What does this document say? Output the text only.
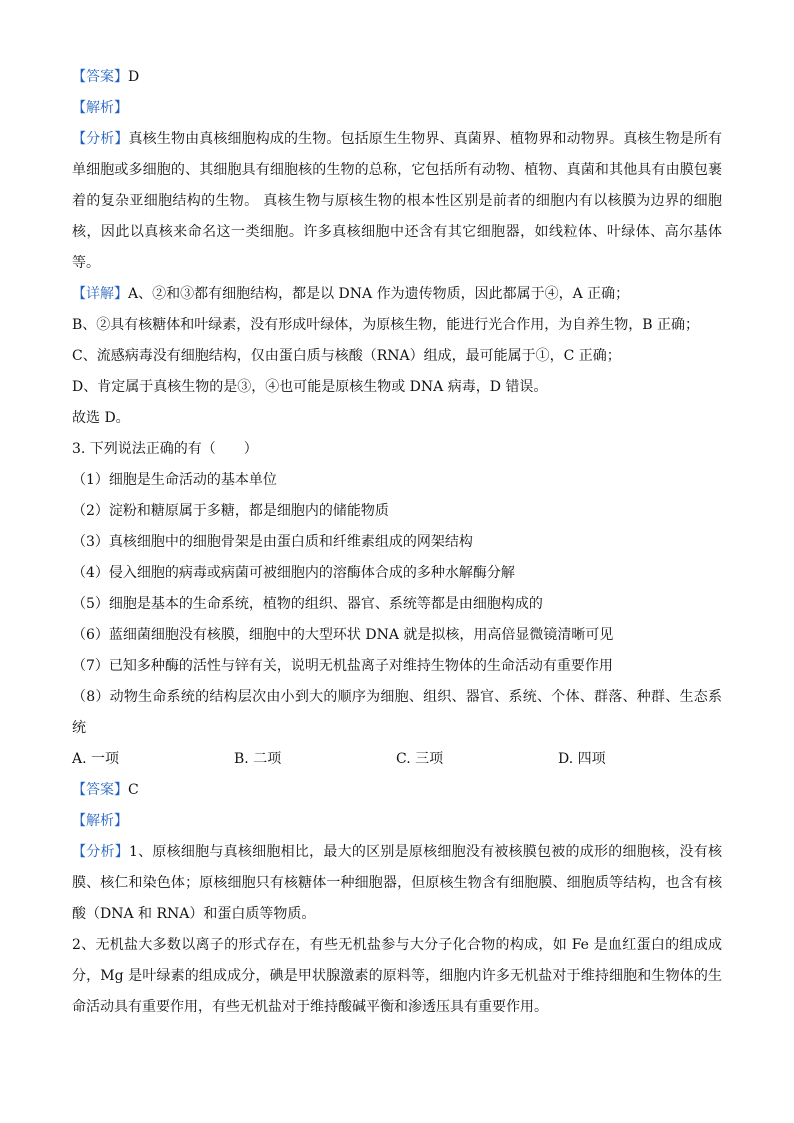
【答案】D
【解析】
【分析】真核生物由真核细胞构成的生物。包括原生生物界、真菌界、植物界和动物界。真核生物是所有单细胞或多细胞的、其细胞具有细胞核的生物的总称，它包括所有动物、植物、真菌和其他具有由膜包裹着的复杂亚细胞结构的生物。 真核生物与原核生物的根本性区别是前者的细胞内有以核膜为边界的细胞核，因此以真核来命名这一类细胞。许多真核细胞中还含有其它细胞器，如线粒体、叶绿体、高尔基体等。
【详解】A、②和③都有细胞结构，都是以 DNA 作为遗传物质，因此都属于④，A 正确；
B、②具有核糖体和叶绿素，没有形成叶绿体，为原核生物，能进行光合作用，为自养生物，B 正确；
C、流感病毒没有细胞结构，仅由蛋白质与核酸（RNA）组成，最可能属于①，C 正确；
D、肯定属于真核生物的是③，④也可能是原核生物或 DNA 病毒，D 错误。
故选 D。
3. 下列说法正确的有（　　）
（1）细胞是生命活动的基本单位
（2）淀粉和糖原属于多糖，都是细胞内的储能物质
（3）真核细胞中的细胞骨架是由蛋白质和纤维素组成的网架结构
（4）侵入细胞的病毒或病菌可被细胞内的溶酶体合成的多种水解酶分解
（5）细胞是基本的生命系统，植物的组织、器官、系统等都是由细胞构成的
（6）蓝细菌细胞没有核膜，细胞中的大型环状 DNA 就是拟核，用高倍显微镜清晰可见
（7）已知多种酶的活性与锌有关，说明无机盐离子对维持生物体的生命活动有重要作用
（8）动物生命系统的结构层次由小到大的顺序为细胞、组织、器官、系统、个体、群落、种群、生态系统
A. 一项	B. 二项	C. 三项	D. 四项
【答案】C
【解析】
【分析】1、原核细胞与真核细胞相比，最大的区别是原核细胞没有被核膜包被的成形的细胞核，没有核膜、核仁和染色体；原核细胞只有核糖体一种细胞器，但原核生物含有细胞膜、细胞质等结构，也含有核酸（DNA 和 RNA）和蛋白质等物质。
2、无机盐大多数以离子的形式存在，有些无机盐参与大分子化合物的构成，如 Fe 是血红蛋白的组成成分，Mg 是叶绿素的组成成分，碘是甲状腺激素的原料等，细胞内许多无机盐对于维持细胞和生物体的生命活动具有重要作用，有些无机盐对于维持酸碱平衡和渗透压具有重要作用。
